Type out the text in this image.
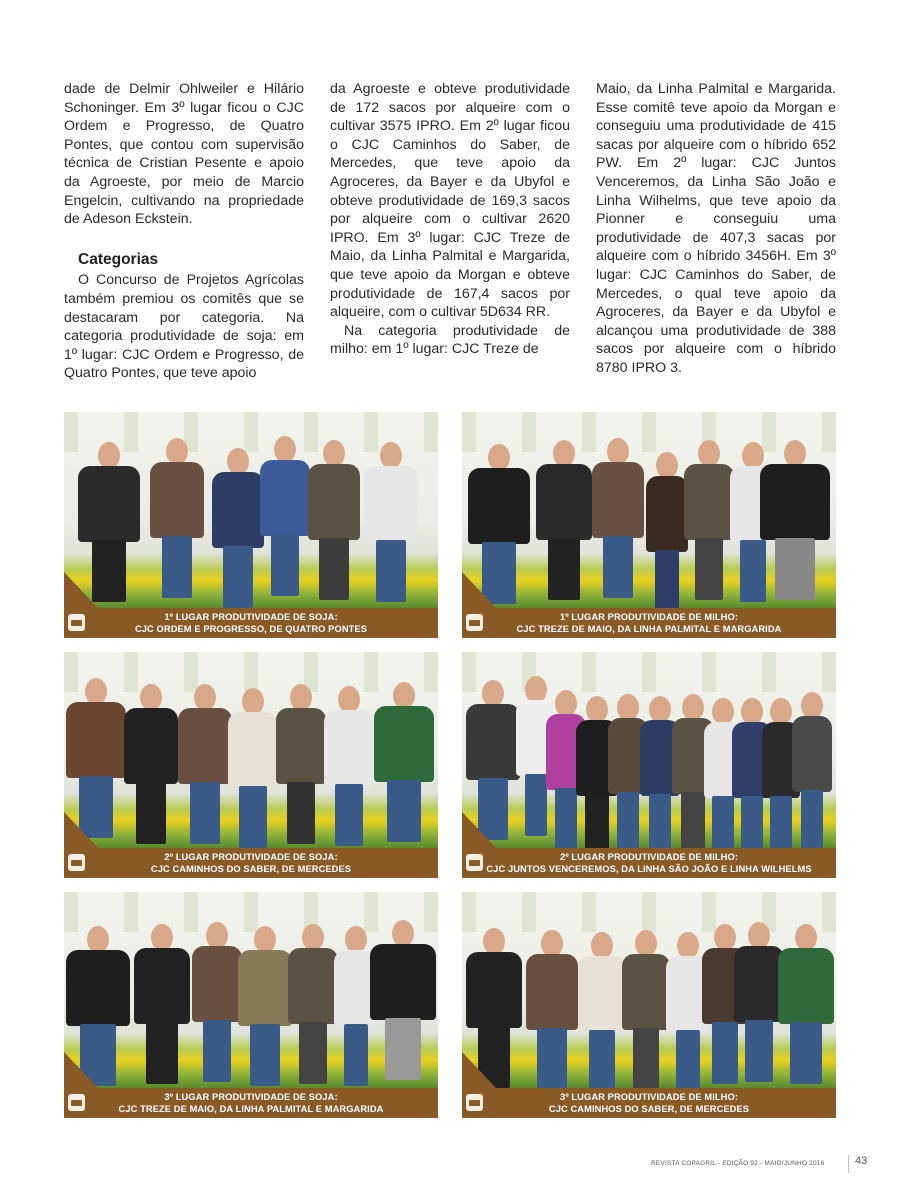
dade de Delmir Ohlweiler e Hilário Schoninger. Em 3º lugar ficou o CJC Ordem e Progresso, de Quatro Pontes, que contou com supervisão técnica de Cristian Pesente e apoio da Agroeste, por meio de Marcio Engelcin, cultivando na propriedade de Adeson Eckstein.

Categorias

O Concurso de Projetos Agrícolas também premiou os comitês que se destacaram por categoria. Na categoria produtividade de soja: em 1º lugar: CJC Ordem e Progresso, de Quatro Pontes, que teve apoio

da Agroeste e obteve produtividade de 172 sacos por alqueire com o cultivar 3575 IPRO. Em 2º lugar ficou o CJC Caminhos do Saber, de Mercedes, que teve apoio da Agroceres, da Bayer e da Ubyfol e obteve produtividade de 169,3 sacos por alqueire com o cultivar 2620 IPRO. Em 3º lugar: CJC Treze de Maio, da Linha Palmital e Margarida, que teve apoio da Morgan e obteve produtividade de 167,4 sacos por alqueire, com o cultivar 5D634 RR.

Na categoria produtividade de milho: em 1º lugar: CJC Treze de

Maio, da Linha Palmital e Margarida. Esse comitê teve apoio da Morgan e conseguiu uma produtividade de 415 sacas por alqueire com o híbrido 652 PW. Em 2º lugar: CJC Juntos Venceremos, da Linha São João e Linha Wilhelms, que teve apoio da Pionner e conseguiu uma produtividade de 407,3 sacas por alqueire com o híbrido 3456H. Em 3º lugar: CJC Caminhos do Saber, de Mercedes, o qual teve apoio da Agroceres, da Bayer e da Ubyfol e alcançou uma produtividade de 388 sacos por alqueire com o híbrido 8780 IPRO 3.

1º LUGAR PRODUTIVIDADE DE SOJA:
CJC ORDEM E PROGRESSO, DE QUATRO PONTES
1º LUGAR PRODUTIVIDADE DE MILHO:
CJC TREZE DE MAIO, DA LINHA PALMITAL E MARGARIDA
2º LUGAR PRODUTIVIDADE DE SOJA:
CJC CAMINHOS DO SABER, DE MERCEDES
2º LUGAR PRODUTIVIDADE DE MILHO:
CJC JUNTOS VENCEREMOS, DA LINHA SÃO JOÃO E LINHA WILHELMS
3º LUGAR PRODUTIVIDADE DE SOJA:
CJC TREZE DE MAIO, DA LINHA PALMITAL E MARGARIDA
3º LUGAR PRODUTIVIDADE DE MILHO:
CJC CAMINHOS DO SABER, DE MERCEDES
REVISTA COPAGRIL - EDIÇÃO 92 - MAIO/JUNHO 2016	43
